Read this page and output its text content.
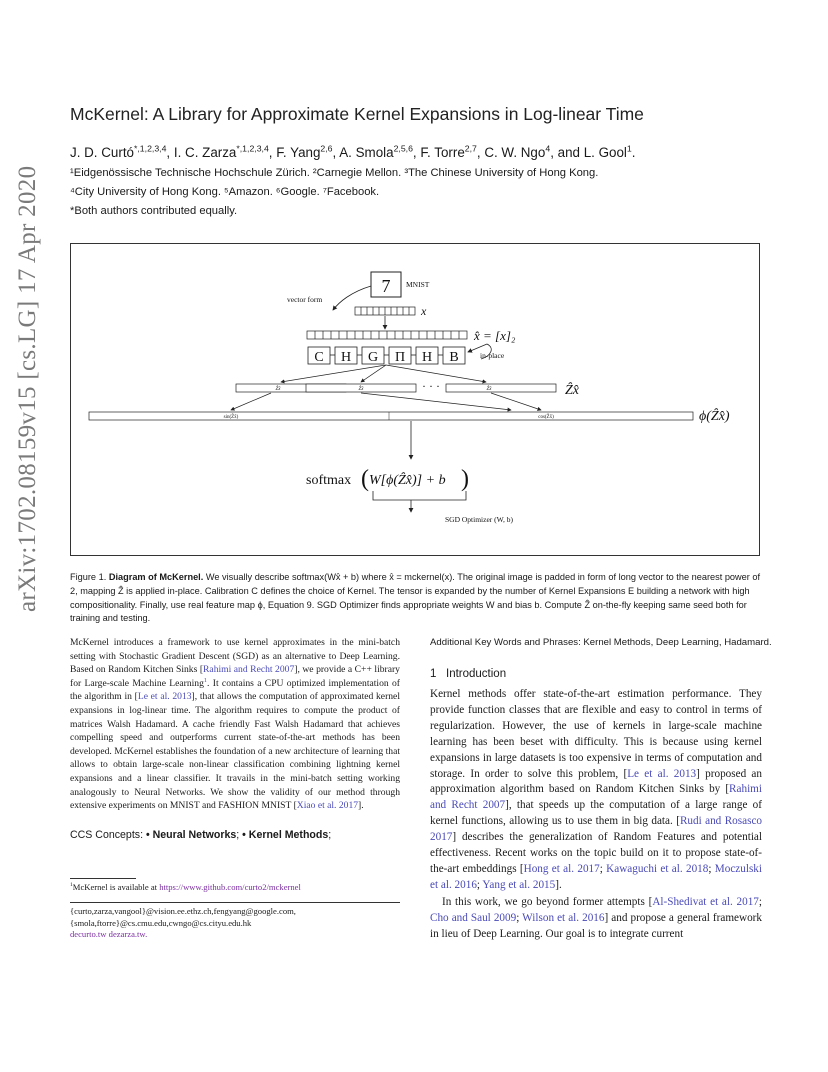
arXiv:1702.08159v15 [cs.LG] 17 Apr 2020
McKernel: A Library for Approximate Kernel Expansions in Log-linear Time
J. D. Curtó$^{*,1,2,3,4}$, I. C. Zarza$^{*,1,2,3,4}$, F. Yang$^{2,6}$, A. Smola$^{2,5,6}$, F. Torre$^{2,7}$, C. W. Ngo$^4$, and L. Gool$^1$.
¹Eidgenössische Technische Hochschule Zürich. ²Carnegie Mellon. ³The Chinese University of Hong Kong.
⁴City University of Hong Kong. ⁵Amazon. ⁶Google. ⁷Facebook.
*Both authors contributed equally.
7 MNIST
vector form
x
x̂ = [x]₂
C H G Π H B	in-place
Ẑx̂	Ẑx̂	Ẑx̂
· · ·	Ẑx̂
sin(Ẑx̂)	cos(Ẑx̂)	ϕ(Ẑx̂)
softmax ( W[ϕ(Ẑx̂)] + b )
SGD Optimizer (W, b)
Figure 1. Diagram of McKernel. We visually describe softmax(Wx̂ + b) where x̂ = mckernel(x). The original image is padded in form of long vector to the nearest power of 2, mapping Ẑ is applied in-place. Calibration C defines the choice of Kernel. The tensor is expanded by the number of Kernel Expansions E building a network with high compositionality. Finally, use real feature map ϕ, Equation 9. SGD Optimizer finds appropriate weights W and bias b. Compute Ẑ on-the-fly keeping same seed both for training and testing.

McKernel introduces a framework to use kernel approximates in the mini-batch setting with Stochastic Gradient Descent (SGD) as an alternative to Deep Learning. Based on Random Kitchen Sinks [Rahimi and Recht 2007], we provide a C++ library for Large-scale Machine Learning$^1$. It contains a CPU optimized implementation of the algorithm in [Le et al. 2013], that allows the computation of approximated kernel expansions in log-linear time. The algorithm requires to compute the product of matrices Walsh Hadamard. A cache friendly Fast Walsh Hadamard that achieves compelling speed and outperforms current state-of-the-art methods has been developed. McKernel establishes the foundation of a new architecture of learning that allows to obtain large-scale non-linear classification combining lightning kernel expansions and a linear classifier. It travails in the mini-batch setting working analogously to Neural Networks. We show the validity of our method through extensive experiments on MNIST and FASHION MNIST [Xiao et al. 2017].

CCS Concepts: • Neural Networks; • Kernel Methods;
$^1$McKernel is available at https://www.github.com/curto2/mckernel
{curto,zarza,vangool}@vision.ee.ethz.ch,fengyang@google.com,
{smola,ftorre}@cs.cmu.edu,cwngo@cs.cityu.edu.hk
decurto.tw dezarza.tw.
Additional Key Words and Phrases: Kernel Methods, Deep Learning, Hadamard.
1 Introduction

Kernel methods offer state-of-the-art estimation performance. They provide function classes that are flexible and easy to control in terms of regularization. However, the use of kernels in large-scale machine learning has been beset with difficulty. This is because using kernel expansions in large datasets is too expensive in terms of computation and storage. In order to solve this problem, [Le et al. 2013] proposed an approximation algorithm based on Random Kitchen Sinks by [Rahimi and Recht 2007], that speeds up the computation of a large range of kernel functions, allowing us to use them in big data. [Rudi and Rosasco 2017] describes the generalization of Random Features and potential effectiveness. Recent works on the topic build on it to propose state-of-the-art embeddings [Hong et al. 2017; Kawaguchi et al. 2018; Moczulski et al. 2016; Yang et al. 2015].

In this work, we go beyond former attempts [Al-Shedivat et al. 2017; Cho and Saul 2009; Wilson et al. 2016] and propose a general framework in lieu of Deep Learning. Our goal is to integrate current
